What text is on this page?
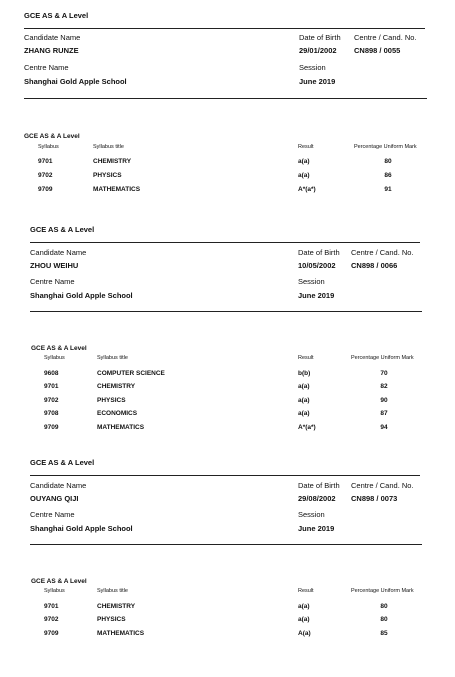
GCE AS & A Level
Candidate Name	Date of Birth Centre / Cand. No.
ZHANG RUNZE	29/01/2002 CN898 / 0055
Centre Name	Session
Shanghai Gold Apple School	June 2019
GCE AS & A Level
Syllabus	Syllabus title	Result	Percentage Uniform Mark
9701	CHEMISTRY	a(a)	80
9702	PHYSICS	a(a)	86
9709	MATHEMATICS	A*(a*)	91
GCE AS & A Level
Candidate Name	Date of Birth Centre / Cand. No.
ZHOU WEIHU	10/05/2002 CN898 / 0066
Centre Name	Session
Shanghai Gold Apple School	June 2019
GCE AS & A Level
Syllabus	Syllabus title	Result	Percentage Uniform Mark
9608	COMPUTER SCIENCE	b(b)	70
9701	CHEMISTRY	a(a)	82
9702	PHYSICS	a(a)	90
9708	ECONOMICS	a(a)	87
9709	MATHEMATICS	A*(a*)	94
GCE AS & A Level
Candidate Name	Date of Birth Centre / Cand. No.
OUYANG QIJI	29/08/2002 CN898 / 0073
Centre Name	Session
Shanghai Gold Apple School	June 2019
GCE AS & A Level
Syllabus	Syllabus title	Result	Percentage Uniform Mark
9701	CHEMISTRY	a(a)	80
9702	PHYSICS	a(a)	80
9709	MATHEMATICS	A(a)	85
